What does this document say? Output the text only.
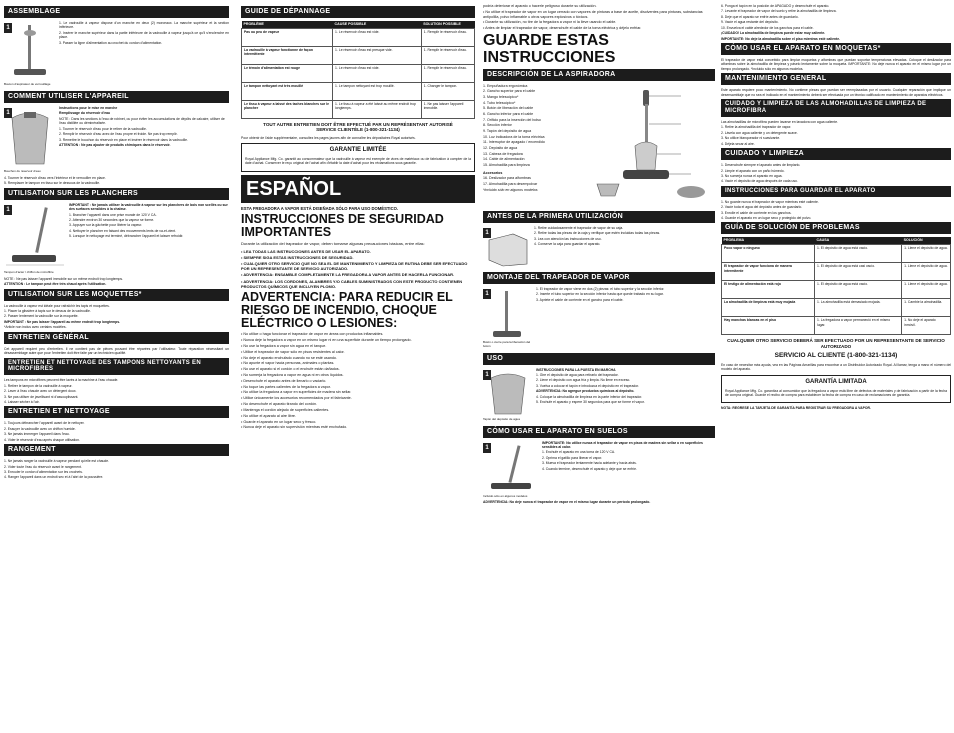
ASSEMBLAGE
1
Bouton d'aspirateur de verrouillage

1. Le vadrouille à vapeur dispose d'un manche en deux (2) morceaux. La manche supérieur et la section inférieure.

2. Insérer le manche supérieur dans la partie inférieure de la vadrouille à vapeur jusqu'à ce qu'il s'enclenche en place.

3. Passer la ligne d'alimentation au crochet du cordon d'alimentation.

COMMENT UTILISER L'APPAREIL
1
Bouchon du réservoir d'eau

Instructions pour le mise en marche

Remplissage du réservoir d'eau

NOTE : Dans les sections à l'eau de robinet, ou pour éviter les accumulations de dépôts de calcaire, utiliser de l'eau distillée ou déminéralisée.

1. Tourner le réservoir d'eau pour le retirer de la vadrouille.

2. Remplir le réservoir d'eau avec de l'eau propre et froide. Ne pas trop remplir.

3. Remettre le bouchon du réservoir en place et insérer le réservoir dans la vadrouille.

ATTENTION : Ne pas ajouter de produits chimiques dans le réservoir.

4. Tourner le réservoir d'eau vers l'intérieur et le verrouiller en place.

5. Remplacer le tampon en tissu sur le dessous de la vadrouille.

UTILISATION SUR LES PLANCHERS
1
Tampon d'acier / chiffon de microfibre

IMPORTANT : Ne jamais utiliser la vadrouille à vapeur sur les planchers de bois non scellés ou sur des surfaces sensibles à la chaleur.

1. Brancher l'appareil dans une prise murale de 120 V CA.

2. Attendre environ 30 secondes que la vapeur se forme.

3. Appuyer sur la gâchette pour libérer la vapeur.

4. Nettoyer le plancher en faisant des mouvements lents de va-et-vient.

5. Lorsque le nettoyage est terminé, débrancher l'appareil et laisser refroidir.

NOTE : Ne pas laisser l'appareil immobile sur un même endroit trop longtemps.

ATTENTION : Le tampon peut être très chaud après l'utilisation.

UTILISATION SUR LES MOQUETTES*

La vadrouille à vapeur est idéale pour rafraîchir les tapis et moquettes.

1. Placer la glissière à tapis sur le dessus de la vadrouille.

2. Passer lentement la vadrouille sur la moquette.

IMPORTANT : Ne pas laisser l'appareil au même endroit trop longtemps.

*Article non inclus avec certains modèles.

ENTRETIEN GÉNÉRAL

Cet appareil requiert peu d'entretien. Il ne contient pas de pièces pouvant être réparées par l'utilisateur. Toute réparation nécessitant un désassemblage autre que pour l'entretien doit être faite par un technicien qualifié.

ENTRETIEN ET NETTOYAGE DES TAMPONS NETTOYANTS EN MICROFIBRES

Les tampons en microfibres peuvent être lavés à la machine à l'eau chaude.

1. Retirer le tampon de la vadrouille à vapeur.

2. Laver à l'eau chaude avec un détergent doux.

3. Ne pas utiliser de javellisant ni d'assouplissant.

4. Laisser sécher à l'air.

ENTRETIEN ET NETTOYAGE

1. Toujours débrancher l'appareil avant de le nettoyer.

2. Essuyer la vadrouille avec un chiffon humide.

3. Ne jamais immerger l'appareil dans l'eau.

4. Vider le réservoir d'eau après chaque utilisation.

RANGEMENT

1. Ne jamais ranger la vadrouille à vapeur pendant qu'elle est chaude.

2. Vider toute l'eau du réservoir avant le rangement.

3. Enrouler le cordon d'alimentation sur les crochets.

4. Ranger l'appareil dans un endroit sec et à l'abri de la poussière.

GUIDE DE DÉPANNAGE
PROBLÈME	CAUSE POSSIBLE	SOLUTION POSSIBLE
Pas ou peu de vapeur	1. Le réservoir d'eau est vide.	1. Remplir le réservoir d'eau.
La vadrouille à vapeur fonctionne de façon intermittente	1. Le réservoir d'eau est presque vide.	1. Remplir le réservoir d'eau.
Le témoin d'alimentation est rouge	1. Le réservoir d'eau est vide.	1. Remplir le réservoir d'eau.
Le tampon nettoyant est très mouillé	1. Le tampon nettoyant est trop mouillé.	1. Changer le tampon.
Le tissu à vapeur a laissé des taches blanches sur le plancher	1. Le tissu à vapeur a été laissé au même endroit trop longtemps.	1. Ne pas laisser l'appareil immobile.
TOUT AUTRE ENTRETIEN DOIT ÊTRE EFFECTUÉ PAR UN REPRÉSENTANT AUTORISÉ
SERVICE CLIENTÈLE (1-800-321-1134)

Pour obtenir de l'aide supplémentaire, consultez les pages jaunes afin de connaître les dépositaires Royal autorisés.

GARANTIE LIMITÉE

Royal Appliance Mfg. Co. garantit au consommateur que la vadrouille à vapeur est exempte de vices de matériaux ou de fabrication à compter de la date d'achat. Conserver le reçu original de l'achat afin d'établir la date d'achat pour les réclamations sous garantie.

ESPAÑOL
ESTA FREGADORA A VAPOR ESTÁ DISEÑADA SÓLO PARA USO DOMÉSTICO.
INSTRUCCIONES DE SEGURIDAD IMPORTANTES

Durante la utilización del trapeador de vapor, deben tomarse algunas precauciones básicas, entre ellas:

• LEA TODAS LAS INSTRUCCIONES ANTES DE USAR EL APARATO.

• SIEMPRE SIGA ESTAS INSTRUCCIONES DE SEGURIDAD.

• CUALQUIER OTRO SERVICIO QUE NO SEA EL DE MANTENIMIENTO Y LIMPIEZA DE RUTINA DEBE SER EFECTUADO POR UN REPRESENTANTE DE SERVICIO AUTORIZADO.

• ADVERTENCIA: ENSAMBLE COMPLETAMENTE LA FREGADORA A VAPOR ANTES DE HACERLA FUNCIONAR.

• ADVERTENCIA: LOS CORDONES, ALAMBRES Y/O CABLES SUMINISTRADOS CON ESTE PRODUCTO CONTIENEN PRODUCTOS QUÍMICOS QUE INCLUYEN PLOMO.

ADVERTENCIA: PARA REDUCIR EL RIESGO DE INCENDIO, CHOQUE ELÉCTRICO O LESIONES:

• No utilice o haga funcionar el trapeador de vapor en áreas con productos inflamables.

• Nunca deje la fregadora a vapor en un mismo lugar ni en una superficie durante un tiempo prolongado.

• No use la fregadora a vapor sin agua en el tanque.

• Utilice el trapeador de vapor sólo en pisos resistentes al calor.

• No deje el aparato enchufado cuando no se esté usando.

• No apunte el vapor hacia personas, animales o plantas.

• No use el aparato si el cordón o el enchufe están dañados.

• No sumerja la fregadora a vapor en agua ni en otros líquidos.

• Desenchufe el aparato antes de llenarlo o vaciarlo.

• No toque las partes calientes de la fregadora a vapor.

• No utilice la fregadora a vapor en superficies de madera sin sellar.

• Utilice únicamente los accesorios recomendados por el fabricante.

• No desenchufe el aparato tirando del cordón.

• Mantenga el cordón alejado de superficies calientes.

• No utilice el aparato al aire libre.

• Guarde el aparato en un lugar seco y fresco.

• Nunca deje el aparato sin supervisión mientras esté enchufado.

podría deteriorar el aparato o hacerle peligroso durante su utilización.

• No utilice el trapeador de vapor en un lugar cerrado con vapores de pinturas a base de aceite, disolventes para pinturas, substancias antipolilla, polvo inflamable u otros vapores explosivos o tóxicos.

• Durante su utilización, no tire de la fregadora a vapor ni la lleve usando el cable.

• Antes de limpiar el trapeador de vapor, desenchufe el cable de la toma eléctrica y déjelo enfriar.

GUARDE ESTAS INSTRUCCIONES
DESCRIPCIÓN DE LA ASPIRADORA

1. Empuñadura ergonómica

2. Gancho superior para el cable

3. Mango telescópico*

4. Tubo telescópico*

5. Botón de liberación del cable

6. Gancho inferior para el cable

7. Orificio para la inserción del bolso

8. Sección inferior

9. Tapón del depósito de agua

10. Luz indicadora de la toma eléctrica

11. Interruptor de apagado / encendido

12. Depósito de agua

13. Cabeza de fregadora

14. Cable de alimentación

15. Almohadilla para limpieza

Accesorios

16. Deslizador para alfombras

17. Almohadilla para desempolvar

*Incluido sólo en algunos modelos

ANTES DE LA PRIMERA UTILIZACIÓN
1

1. Retire cuidadosamente el trapeador de vapor de su caja.

2. Retire todas las piezas de la caja y verifique que estén incluidas todas las piezas.

3. Lea con atención las instrucciones de uso.

4. Conserve la caja para guardar el aparato.

MONTAJE DEL TRAPEADOR DE VAPOR
1
Botón o cierre para la liberación del botón

1. El trapeador de vapor viene en dos (2) piezas: el tubo superior y la sección inferior.

2. Inserte el tubo superior en la sección inferior hasta que quede trabado en su lugar.

3. Apriete el cable de corriente en el gancho para el cable.

USO
1
Tapón del depósito de agua

INSTRUCCIONES PARA LA PUESTA EN MARCHA

1. Gire el depósito de agua para retirarlo del trapeador.

2. Llene el depósito con agua fría y limpia. No llene en exceso.

3. Vuelva a colocar el tapón e introduzca el depósito en el trapeador.

ADVERTENCIA: No agregue productos químicos al depósito.

4. Coloque la almohadilla de limpieza en la parte inferior del trapeador.

5. Enchufe el aparato y espere 30 segundos para que se forme el vapor.

CÓMO USAR EL APARATO EN SUELOS
1
Incluido sólo en algunos modelos

IMPORTANTE: No utilice nunca el trapeador de vapor en pisos de madera sin sellar o en superficies sensibles al calor.

1. Enchufe el aparato en una toma de 120 V CA.

2. Oprima el gatillo para liberar el vapor.

3. Mueva el trapeador lentamente hacia adelante y hacia atrás.

4. Cuando termine, desenchufe el aparato y deje que se enfríe.

ADVERTENCIA: No deje nunca el trapeador de vapor en el mismo lugar durante un período prolongado.

6. Ponga el tapón en la posición de APAGADO y desenchufe el aparato.

7. Levante el trapeador de vapor del suelo y retire la almohadilla de limpieza.

8. Deje que el aparato se enfríe antes de guardarlo.

9. Vacíe el agua restante del depósito.

10. Envuelva el cable alrededor de los ganchos para el cable.

¡CUIDADO! La almohadilla de limpieza puede estar muy caliente.

IMPORTANTE: No deje la almohadilla sobre el piso mientras esté caliente.

CÓMO USAR EL APARATO EN MOQUETAS*

El trapeador de vapor está concebido para limpiar moquetas y alfombras que puedan soportar temperaturas elevadas. Coloque el deslizador para alfombras sobre la almohadilla de limpieza y páselo lentamente sobre la moqueta. IMPORTANTE: No deje nunca el aparato en el mismo lugar por un tiempo prolongado. *Incluido sólo en algunos modelos.

MANTENIMIENTO GENERAL

Este aparato requiere poco mantenimiento. No contiene piezas que puedan ser reemplazadas por el usuario. Cualquier reparación que implique un desensamblaje que no sea el indicado en el mantenimiento deberá ser efectuada por un técnico calificado en mantenimiento de aparatos eléctricos.

CUIDADO Y LIMPIEZA DE LAS ALMOHADILLAS DE LIMPIEZA DE MICROFIBRA

Las almohadillas de microfibra pueden lavarse en lavadora con agua caliente.

1. Retire la almohadilla del trapeador de vapor.

2. Lávela con agua caliente y un detergente suave.

3. No utilice blanqueador ni suavizante.

4. Déjela secar al aire.

CUIDADO Y LIMPIEZA

1. Desenchufe siempre el aparato antes de limpiarlo.

2. Limpie el aparato con un paño húmedo.

3. No sumerja nunca el aparato en agua.

4. Vacíe el depósito de agua después de cada uso.

INSTRUCCIONES PARA GUARDAR EL APARATO

1. No guarde nunca el trapeador de vapor mientras esté caliente.

2. Vacíe toda el agua del depósito antes de guardarlo.

3. Enrolle el cable de corriente en los ganchos.

4. Guarde el aparato en un lugar seco y protegido del polvo.

GUÍA DE SOLUCIÓN DE PROBLEMAS
PROBLEMA	CAUSA	SOLUCIÓN
Poco vapor o ninguno	1. El depósito de agua está vacío.	1. Llene el depósito de agua.
El trapeador de vapor funciona de manera intermitente	1. El depósito de agua está casi vacío.	1. Llene el depósito de agua.
El testigo de alimentación está rojo	1. El depósito de agua está vacío.	1. Llene el depósito de agua.
La almohadilla de limpieza está muy mojada	1. La almohadilla está demasiado mojada.	1. Cambie la almohadilla.
Hay manchas blancas en el piso	1. La fregadora a vapor permaneció en el mismo lugar.	1. No deje el aparato inmóvil.
CUALQUIER OTRO SERVICIO DEBERÁ SER EFECTUADO POR UN REPRESENTANTE DE SERVICIO AUTORIZADO
SERVICIO AL CLIENTE (1-800-321-1134)

En caso de necesitar más ayuda, vea en las Páginas Amarillas para encontrar a un Distribuidor Autorizado Royal. Al llamar, tenga a mano el número del modelo del aparato.

GARANTÍA LIMITADA

Royal Appliance Mfg. Co. garantiza al consumidor que la fregadora a vapor está libre de defectos de materiales y de fabricación a partir de la fecha de compra original. Guarde el recibo de compra para establecer la fecha de compra en caso de reclamaciones de garantía.

NOTA: REGRESE LA TARJETA DE GARANTÍA PARA REGISTRAR SU FREGADORA A VAPOR.
